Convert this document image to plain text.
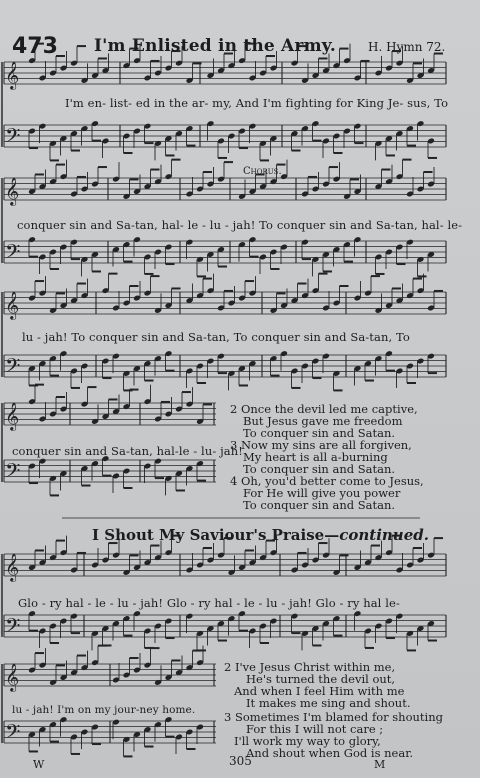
𝄞
𝄢
𝄞
𝄢
𝄞
𝄢
𝄞
𝄢
𝄞
𝄢
𝄞
𝄢
473 I'm Enlisted in the Army.	H. Hymn 72.
I'm en- list- ed in the ar- my, And I'm fighting for King Je- sus, To
Chorus.
conquer sin and Sa-tan, hal- le - lu - jah! To conquer sin and Sa-tan, hal- le-
lu - jah! To conquer sin and Sa-tan, To conquer sin and Sa-tan, To
conquer sin and Sa-tan, hal-le - lu- jah!
2 Once the devil led me captive,
But Jesus gave me freedom
To conquer sin and Satan.
3 Now my sins are all forgiven,
My heart is all a-burning
To conquer sin and Satan.
4 Oh, you'd better come to Jesus,
For He will give you power
To conquer sin and Satan.
I Shout My Saviour's Praise—continued.
Glo - ry hal - le - lu - jah! Glo - ry hal - le - lu - jah! Glo - ry hal le-
lu - jah! I'm on my jour-ney home.
2 I've Jesus Christ within me,
He's turned the devil out,
And when I feel Him with me
It makes me sing and shout.
3 Sometimes I'm blamed for shouting
For this I will not care ;
I'll work my way to glory,
And shout when God is near.
W	305	M
